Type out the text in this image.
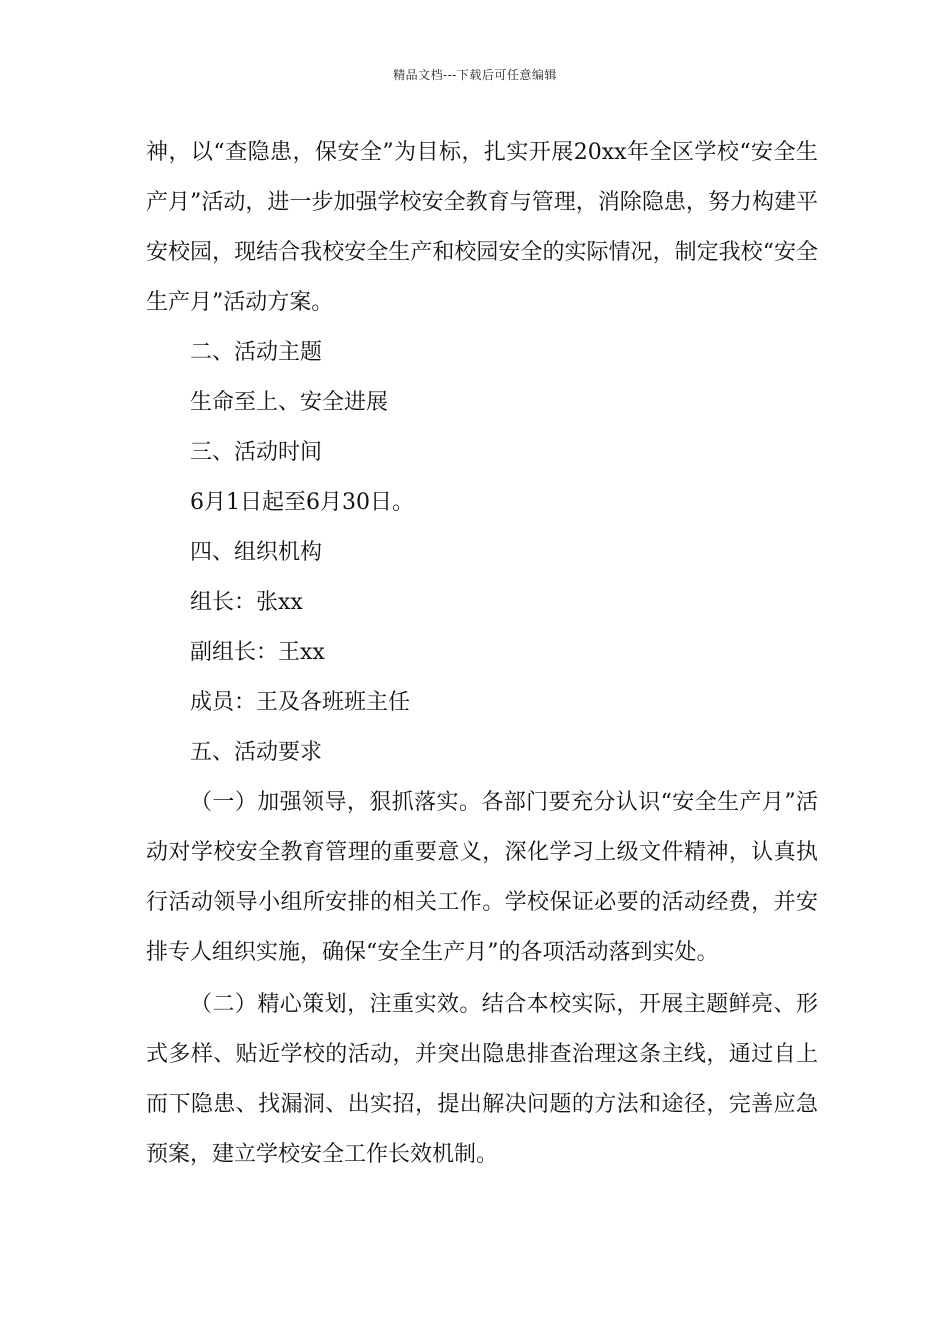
精品文档---下载后可任意编辑

神，以“查隐患，保安全”为目标，扎实开展20xx年全区学校“安全生产月”活动，进一步加强学校安全教育与管理，消除隐患，努力构建平安校园，现结合我校安全生产和校园安全的实际情况，制定我校“安全生产月”活动方案。

二、活动主题

生命至上、安全进展

三、活动时间

6月1日起至6月30日。

四、组织机构

组长：张xx

副组长：王xx

成员：王及各班班主任

五、活动要求

（一）加强领导，狠抓落实。各部门要充分认识“安全生产月”活动对学校安全教育管理的重要意义，深化学习上级文件精神，认真执行活动领导小组所安排的相关工作。学校保证必要的活动经费，并安排专人组织实施，确保“安全生产月”的各项活动落到实处。

（二）精心策划，注重实效。结合本校实际，开展主题鲜亮、形式多样、贴近学校的活动，并突出隐患排查治理这条主线，通过自上而下隐患、找漏洞、出实招，提出解决问题的方法和途径，完善应急预案，建立学校安全工作长效机制。
